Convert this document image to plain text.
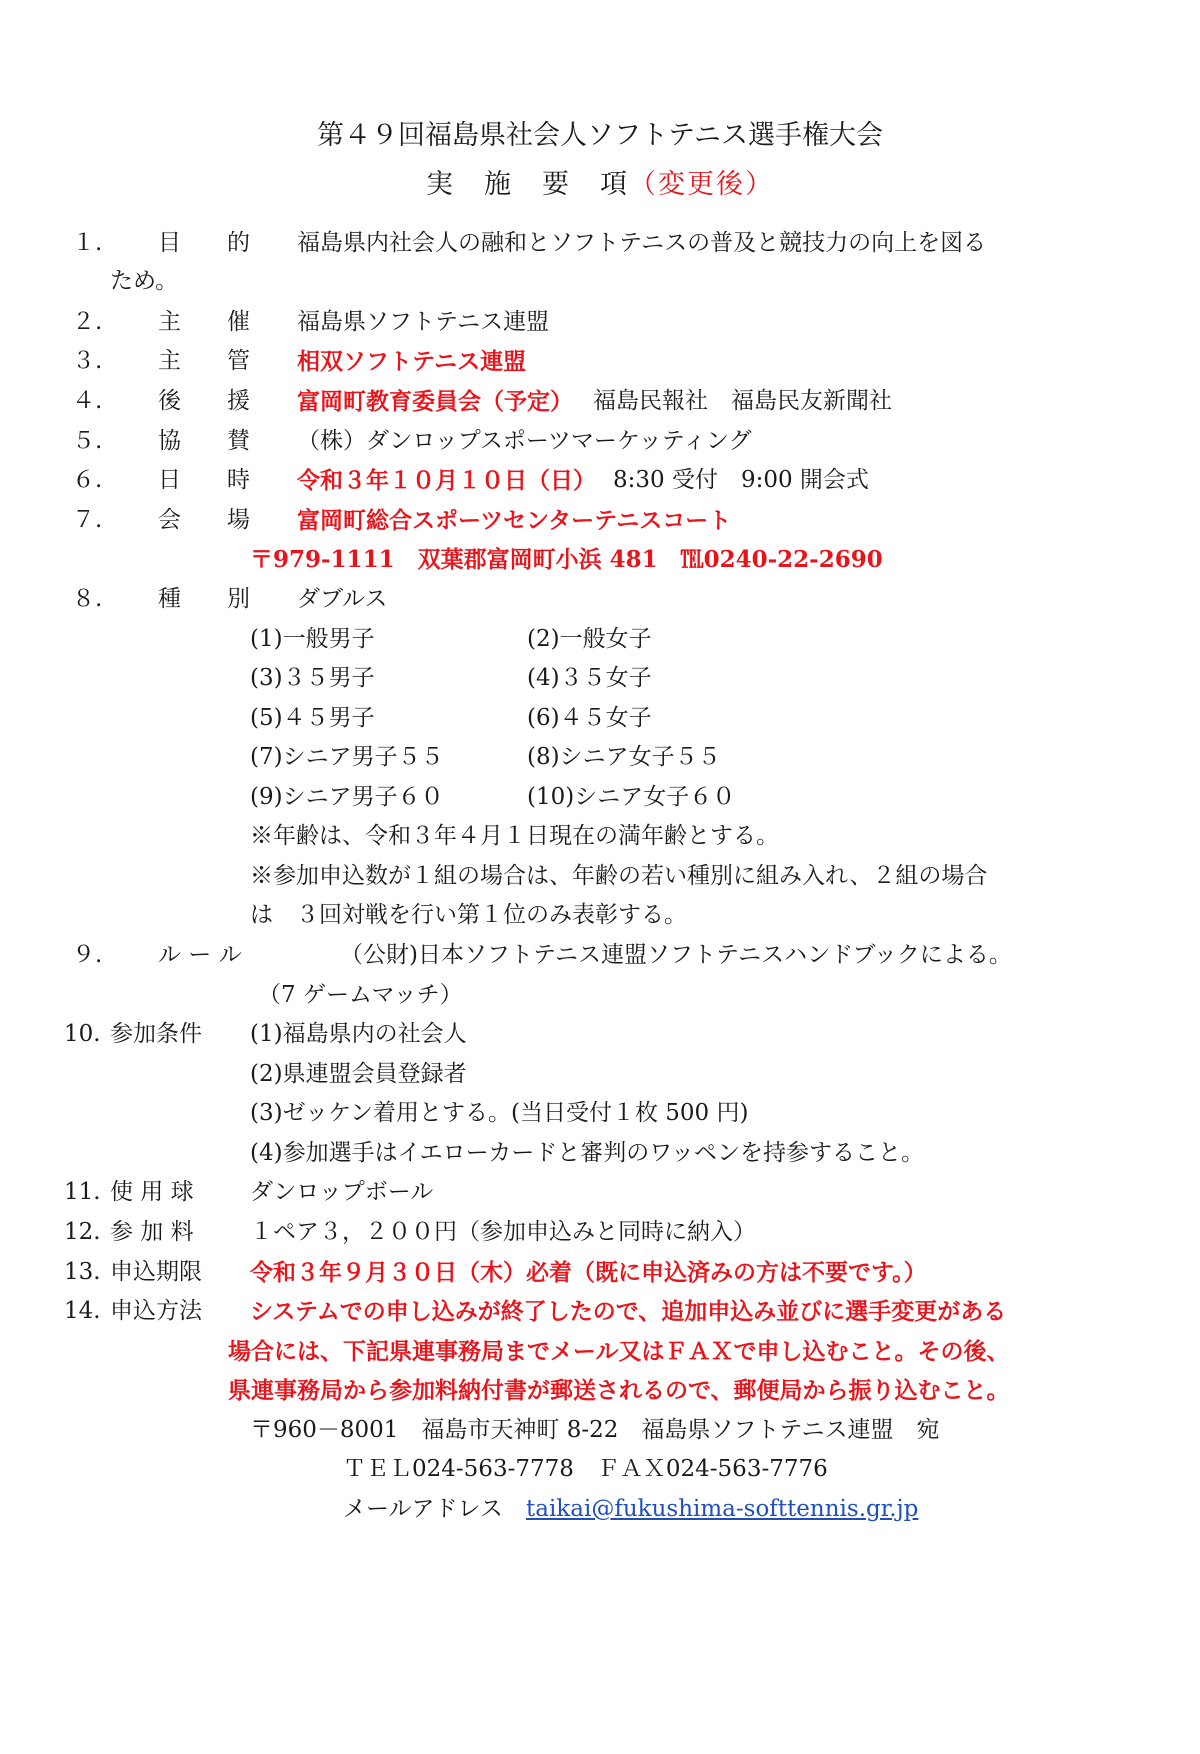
第４９回福島県社会人ソフトテニス選手権大会
実　施　要　項（変更後）
１. 目　　的 福島県内社会人の融和とソフトテニスの普及と競技力の向上を図る
ため。
２. 主　　催 福島県ソフトテニス連盟
３. 主　　管 相双ソフトテニス連盟
４. 後　　援 富岡町教育委員会（予定） 福島民報社　福島民友新聞社
５. 協　　賛 （株）ダンロップスポーツマーケッティング
６. 日　　時 令和３年１０月１０日（日） 8:30 受付　9:00 開会式
７. 会　　場 富岡町総合スポーツセンターテニスコート
〒979-1111　双葉郡富岡町小浜 481　℡0240-22-2690
８. 種　　別 ダブルス
(1)一般男子	(2)一般女子
(3)３５男子	(4)３５女子
(5)４５男子	(6)４５女子
(7)シニア男子５５	(8)シニア女子５５
(9)シニア男子６０	(10)シニア女子６０
※年齢は、令和３年４月１日現在の満年齢とする。
※参加申込数が１組の場合は、年齢の若い種別に組み入れ、２組の場合
は　３回対戦を行い第１位のみ表彰する。
９. ル ー ル	（公財)日本ソフトテニス連盟ソフトテニスハンドブックによる。
（7 ゲームマッチ）
10. 参加条件 (1)福島県内の社会人
(2)県連盟会員登録者
(3)ゼッケン着用とする。(当日受付１枚 500 円)
(4)参加選手はイエローカードと審判のワッペンを持参すること。
11. 使 用 球 ダンロップボール
12. 参 加 料 １ペア３，２００円（参加申込みと同時に納入）
13. 申込期限 令和３年９月３０日（木）必着（既に申込済みの方は不要です。）
14. 申込方法 システムでの申し込みが終了したので、追加申込み並びに選手変更がある
場合には、下記県連事務局までメール又はＦＡＸで申し込むこと。その後、
県連事務局から参加料納付書が郵送されるので、郵便局から振り込むこと。
〒960－8001　福島市天神町 8-22　福島県ソフトテニス連盟　宛
ＴＥＬ024-563-7778　ＦＡＸ024-563-7776
メールアドレス taikai@fukushima-softtennis.gr.jp
